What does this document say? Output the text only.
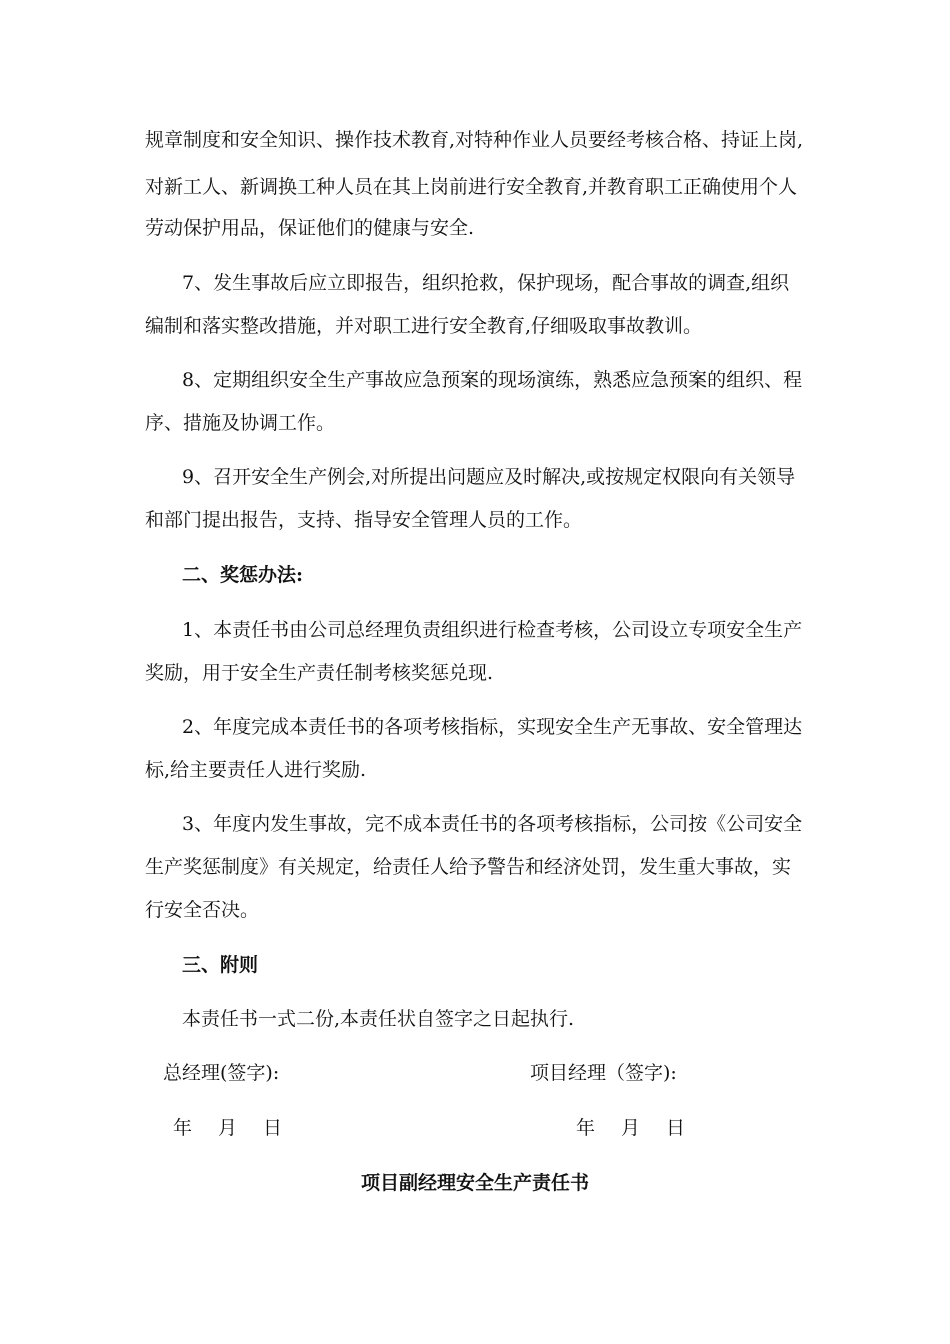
规章制度和安全知识、操作技术教育,对特种作业人员要经考核合格、持证上岗,
对新工人、新调换工种人员在其上岗前进行安全教育,并教育职工正确使用个人
劳动保护用品，保证他们的健康与安全.
7、发生事故后应立即报告，组织抢救，保护现场，配合事故的调查,组织
编制和落实整改措施，并对职工进行安全教育,仔细吸取事故教训。
8、定期组织安全生产事故应急预案的现场演练，熟悉应急预案的组织、程
序、措施及协调工作。
9、召开安全生产例会,对所提出问题应及时解决,或按规定权限向有关领导
和部门提出报告，支持、指导安全管理人员的工作。
二、奖惩办法:
1、本责任书由公司总经理负责组织进行检查考核，公司设立专项安全生产
奖励，用于安全生产责任制考核奖惩兑现.
2、年度完成本责任书的各项考核指标，实现安全生产无事故、安全管理达
标,给主要责任人进行奖励.
3、年度内发生事故，完不成本责任书的各项考核指标，公司按《公司安全
生产奖惩制度》有关规定，给责任人给予警告和经济处罚，发生重大事故，实
行安全否决。
三、附则
本责任书一式二份,本责任状自签字之日起执行.
总经理(签字):	项目经理（签字):
年 月 日	年 月 日
项目副经理安全生产责任书
